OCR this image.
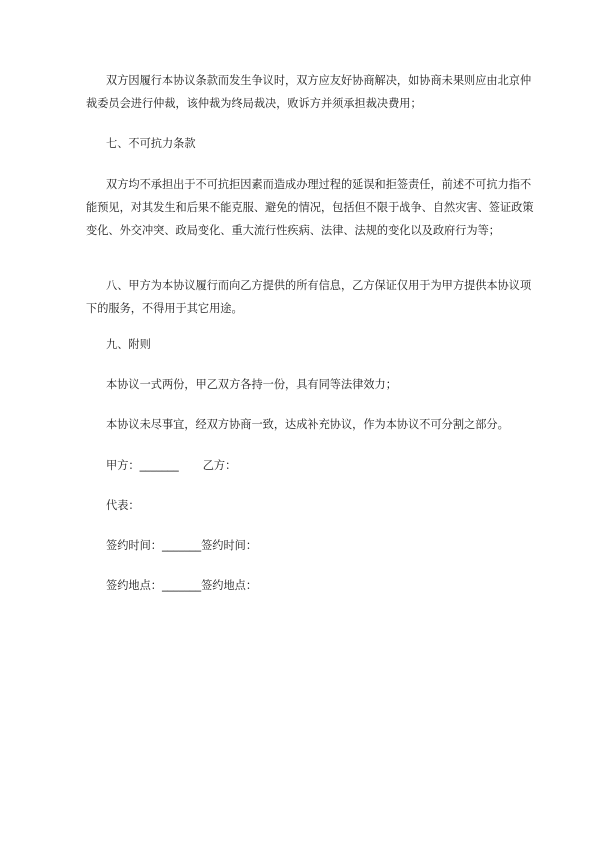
双方因履行本协议条款而发生争议时，双方应友好协商解决，如协商未果则应由北京仲裁委员会进行仲裁，该仲裁为终局裁决，败诉方并须承担裁决费用；

七、不可抗力条款

双方均不承担出于不可抗拒因素而造成办理过程的延误和拒签责任，前述不可抗力指不能预见，对其发生和后果不能克服、避免的情况，包括但不限于战争、自然灾害、签证政策变化、外交冲突、政局变化、重大流行性疾病、法律、法规的变化以及政府行为等；

八、甲方为本协议履行而向乙方提供的所有信息，乙方保证仅用于为甲方提供本协议项下的服务，不得用于其它用途。

九、附则

本协议一式两份，甲乙双方各持一份，具有同等法律效力；

本协议未尽事宜，经双方协商一致，达成补充协议，作为本协议不可分割之部分。

甲方：_______ 乙方：

代表：

签约时间：_______签约时间：

签约地点：_______签约地点：
